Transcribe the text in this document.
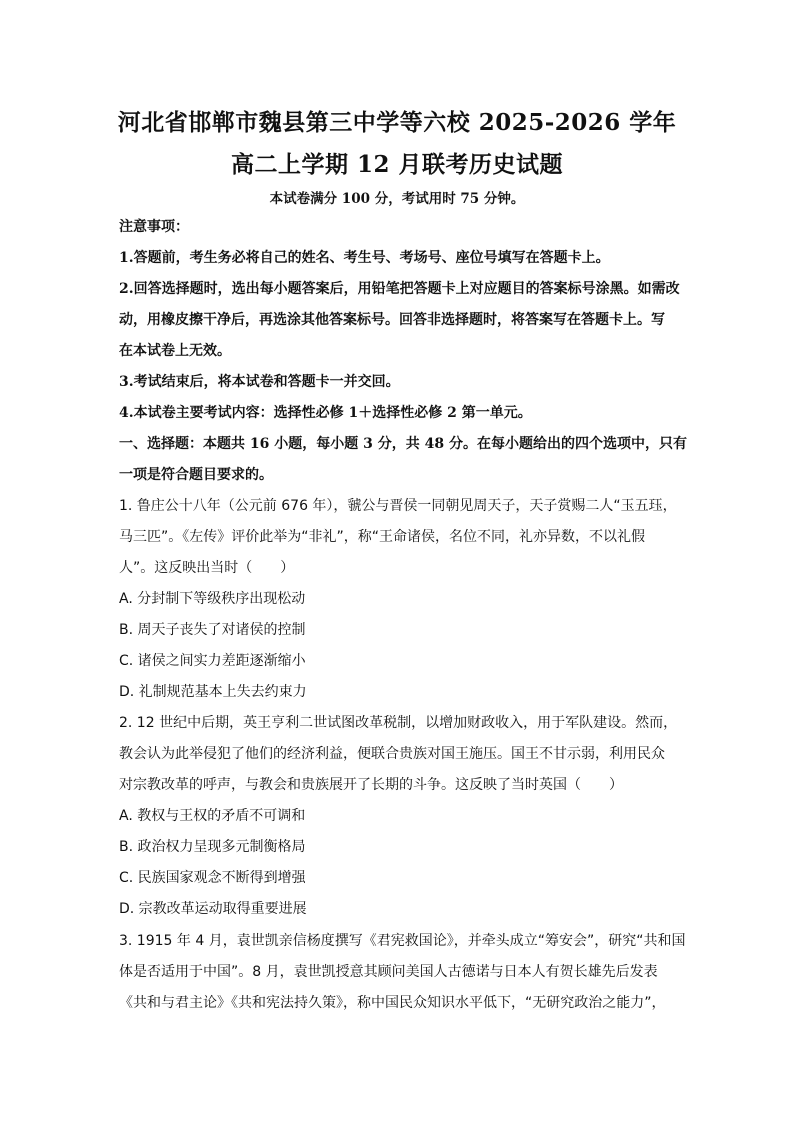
河北省邯郸市魏县第三中学等六校 2025-2026 学年
高二上学期 12 月联考历史试题
本试卷满分 100 分，考试用时 75 分钟。
注意事项：
1.答题前，考生务必将自己的姓名、考生号、考场号、座位号填写在答题卡上。
2.回答选择题时，选出每小题答案后，用铅笔把答题卡上对应题目的答案标号涂黑。如需改
动，用橡皮擦干净后，再选涂其他答案标号。回答非选择题时，将答案写在答题卡上。写
在本试卷上无效。
3.考试结束后，将本试卷和答题卡一并交回。
4.本试卷主要考试内容：选择性必修 1＋选择性必修 2 第一单元。
一、选择题：本题共 16 小题，每小题 3 分，共 48 分。在每小题给出的四个选项中，只有
一项是符合题目要求的。
1. 鲁庄公十八年（公元前 676 年），虢公与晋侯一同朝见周天子，天子赏赐二人“玉五珏，
马三匹”。《左传》评价此举为“非礼”，称“王命诸侯，名位不同，礼亦异数，不以礼假
人”。这反映出当时（　　）
A. 分封制下等级秩序出现松动
B. 周天子丧失了对诸侯的控制
C. 诸侯之间实力差距逐渐缩小
D. 礼制规范基本上失去约束力
2. 12 世纪中后期，英王亨利二世试图改革税制，以增加财政收入，用于军队建设。然而，
教会认为此举侵犯了他们的经济利益，便联合贵族对国王施压。国王不甘示弱，利用民众
对宗教改革的呼声，与教会和贵族展开了长期的斗争。这反映了当时英国（　　）
A. 教权与王权的矛盾不可调和
B. 政治权力呈现多元制衡格局
C. 民族国家观念不断得到增强
D. 宗教改革运动取得重要进展
3. 1915 年 4 月，袁世凯亲信杨度撰写《君宪救国论》，并牵头成立“筹安会”，研究“共和国
体是否适用于中国”。8 月，袁世凯授意其顾问美国人古德诺与日本人有贺长雄先后发表
《共和与君主论》《共和宪法持久策》，称中国民众知识水平低下，“无研究政治之能力”，
